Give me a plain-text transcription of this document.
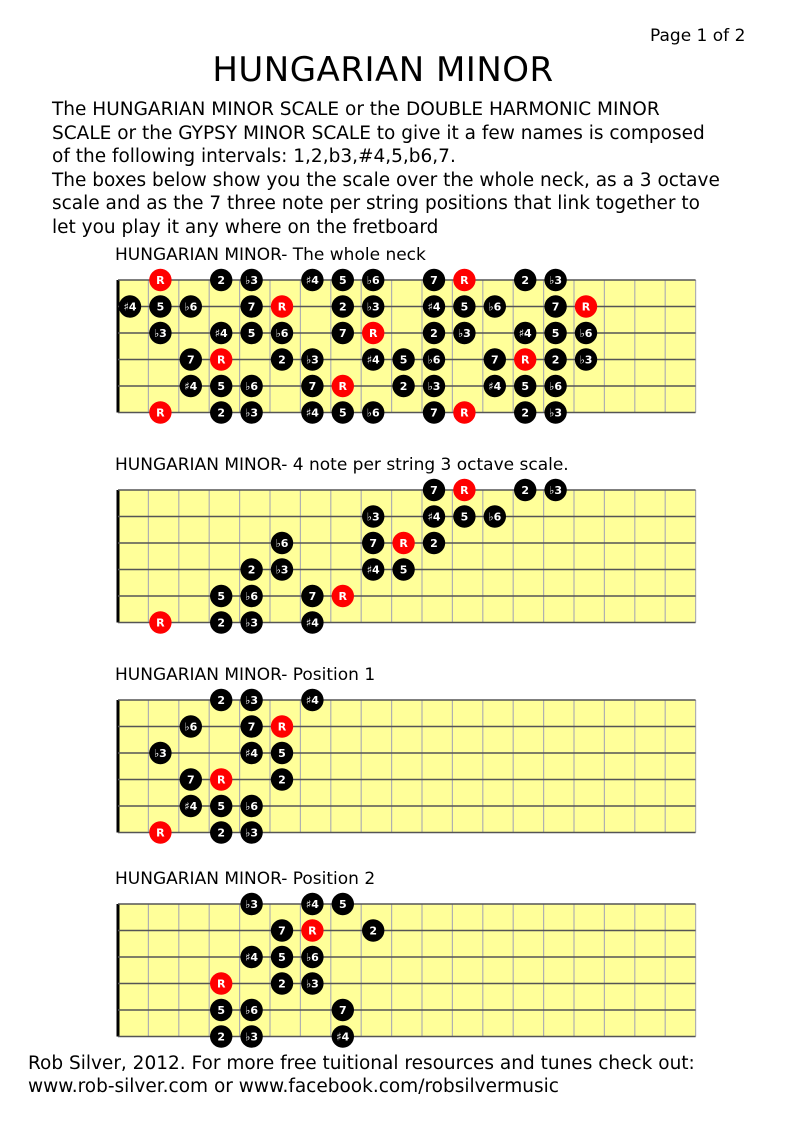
Page 1 of 2
HUNGARIAN MINOR
The HUNGARIAN MINOR SCALE or the DOUBLE HARMONIC MINOR
SCALE or the GYPSY MINOR SCALE to give it a few names is composed
of the following intervals: 1,2,b3,#4,5,b6,7.
The boxes below show you the scale over the whole neck, as a 3 octave
scale and as the 7 three note per string positions that link together to
let you play it any where on the fretboard
HUNGARIAN MINOR- The whole neck
HUNGARIAN MINOR- 4 note per string 3 octave scale.
HUNGARIAN MINOR- Position 1
HUNGARIAN MINOR- Position 2
R	2 ♭3	♯4 5 ♭6	7 R	2 ♭3
♯4 5 ♭6	7 R	2 ♭3	♯4 5 ♭6	7 R
♭3	♯4 5 ♭6	7 R	2 ♭3	♯4 5 ♭6
7 R	2 ♭3	♯4 5 ♭6	7 R 2 ♭3
♯4 5 ♭6	7 R	2 ♭3	♯4 5 ♭6
R	2 ♭3	♯4 5 ♭6	7 R	2 ♭3
7 R	2 ♭3
♭3	♯4 5 ♭6
♭6	7 R 2
2 ♭3	♯4 5
5 ♭6	7 R
R	2 ♭3	♯4
2 ♭3	♯4
♭6	7 R
♭3	♯4 5
7 R	2
♯4 5 ♭6
R	2 ♭3
♭3	♯4 5
7 R	2
♯4 5 ♭6
R	2 ♭3
5 ♭6	7
2 ♭3	♯4
Rob Silver, 2012. For more free tuitional resources and tunes check out:
www.rob-silver.com or www.facebook.com/robsilvermusic
